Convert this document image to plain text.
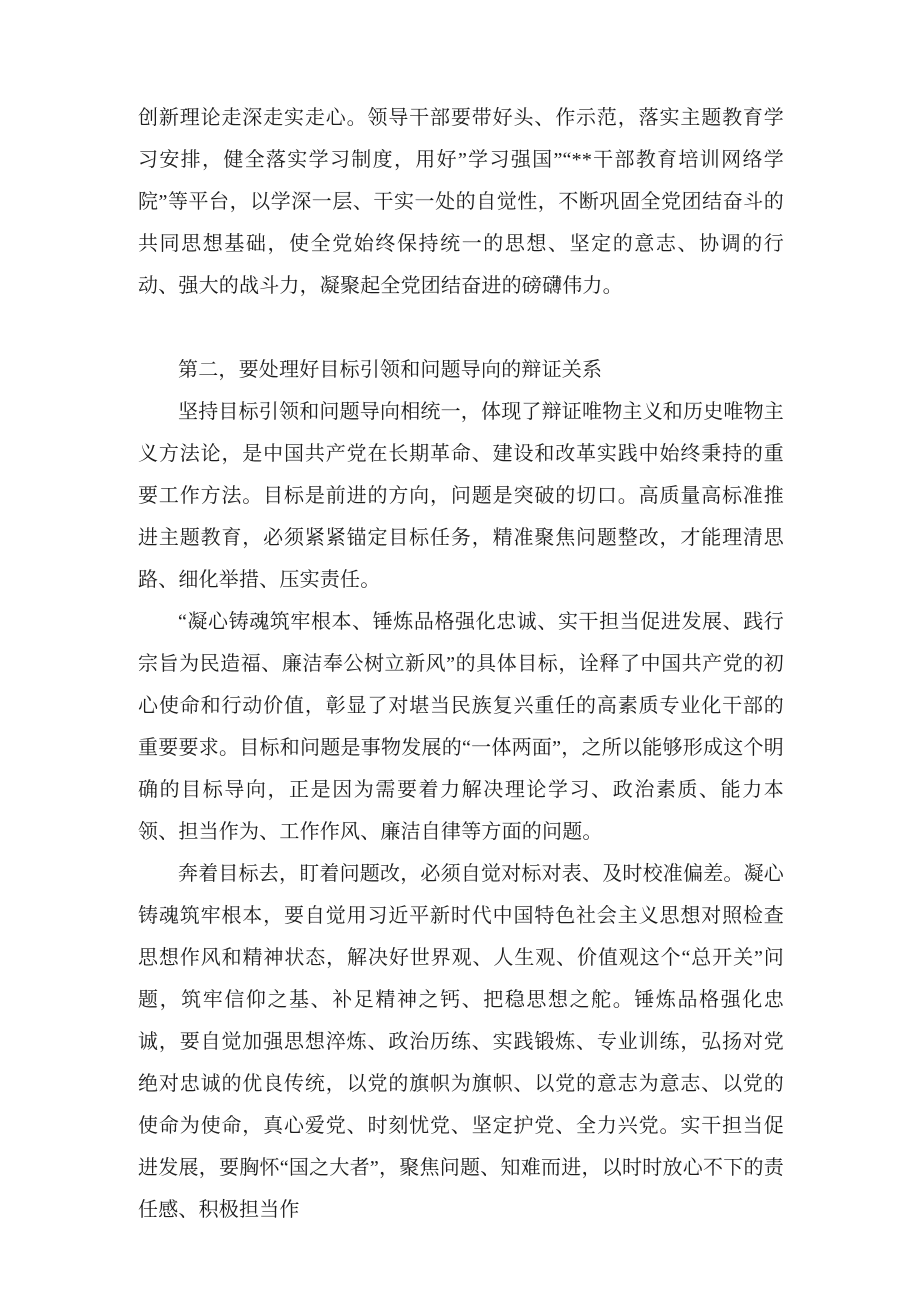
创新理论走深走实走心。领导干部要带好头、作示范，落实主题教育学习安排，健全落实学习制度，用好”学习强国”“**干部教育培训网络学院”等平台，以学深一层、干实一处的自觉性，不断巩固全党团结奋斗的共同思想基础，使全党始终保持统一的思想、坚定的意志、协调的行动、强大的战斗力，凝聚起全党团结奋进的磅礴伟力。

第二，要处理好目标引领和问题导向的辩证关系

坚持目标引领和问题导向相统一，体现了辩证唯物主义和历史唯物主义方法论，是中国共产党在长期革命、建设和改革实践中始终秉持的重要工作方法。目标是前进的方向，问题是突破的切口。高质量高标准推进主题教育，必须紧紧锚定目标任务，精准聚焦问题整改，才能理清思路、细化举措、压实责任。

“凝心铸魂筑牢根本、锤炼品格强化忠诚、实干担当促进发展、践行宗旨为民造福、廉洁奉公树立新风”的具体目标，诠释了中国共产党的初心使命和行动价值，彰显了对堪当民族复兴重任的高素质专业化干部的重要要求。目标和问题是事物发展的“一体两面”，之所以能够形成这个明确的目标导向，正是因为需要着力解决理论学习、政治素质、能力本领、担当作为、工作作风、廉洁自律等方面的问题。

奔着目标去，盯着问题改，必须自觉对标对表、及时校准偏差。凝心铸魂筑牢根本，要自觉用习近平新时代中国特色社会主义思想对照检查思想作风和精神状态，解决好世界观、人生观、价值观这个“总开关”问题，筑牢信仰之基、补足精神之钙、把稳思想之舵。锤炼品格强化忠诚，要自觉加强思想淬炼、政治历练、实践锻炼、专业训练，弘扬对党绝对忠诚的优良传统，以党的旗帜为旗帜、以党的意志为意志、以党的使命为使命，真心爱党、时刻忧党、坚定护党、全力兴党。实干担当促进发展，要胸怀“国之大者”，聚焦问题、知难而进，以时时放心不下的责任感、积极担当作
